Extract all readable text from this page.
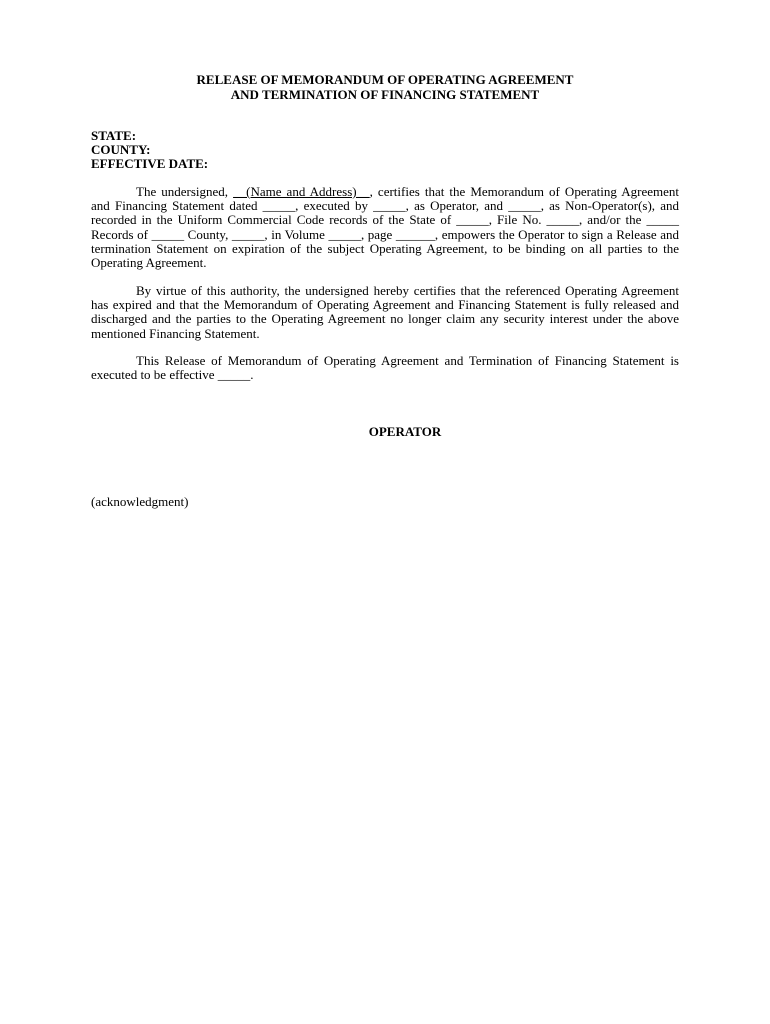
RELEASE OF MEMORANDUM OF OPERATING AGREEMENT
AND TERMINATION OF FINANCING STATEMENT
STATE:
COUNTY:
EFFECTIVE DATE:

The undersigned, __(Name and Address)__, certifies that the Memorandum of Operating Agreement and Financing Statement dated _____, executed by _____, as Operator, and _____, as Non-Operator(s), and recorded in the Uniform Commercial Code records of the State of _____, File No. _____, and/or the _____ Records of _____ County, _____, in Volume _____, page ______, empowers the Operator to sign a Release and termination Statement on expiration of the subject Operating Agreement, to be binding on all parties to the Operating Agreement.

By virtue of this authority, the undersigned hereby certifies that the referenced Operating Agreement has expired and that the Memorandum of Operating Agreement and Financing Statement is fully released and discharged and the parties to the Operating Agreement no longer claim any security interest under the above mentioned Financing Statement.

This Release of Memorandum of Operating Agreement and Termination of Financing Statement is executed to be effective _____.

OPERATOR
(acknowledgment)
